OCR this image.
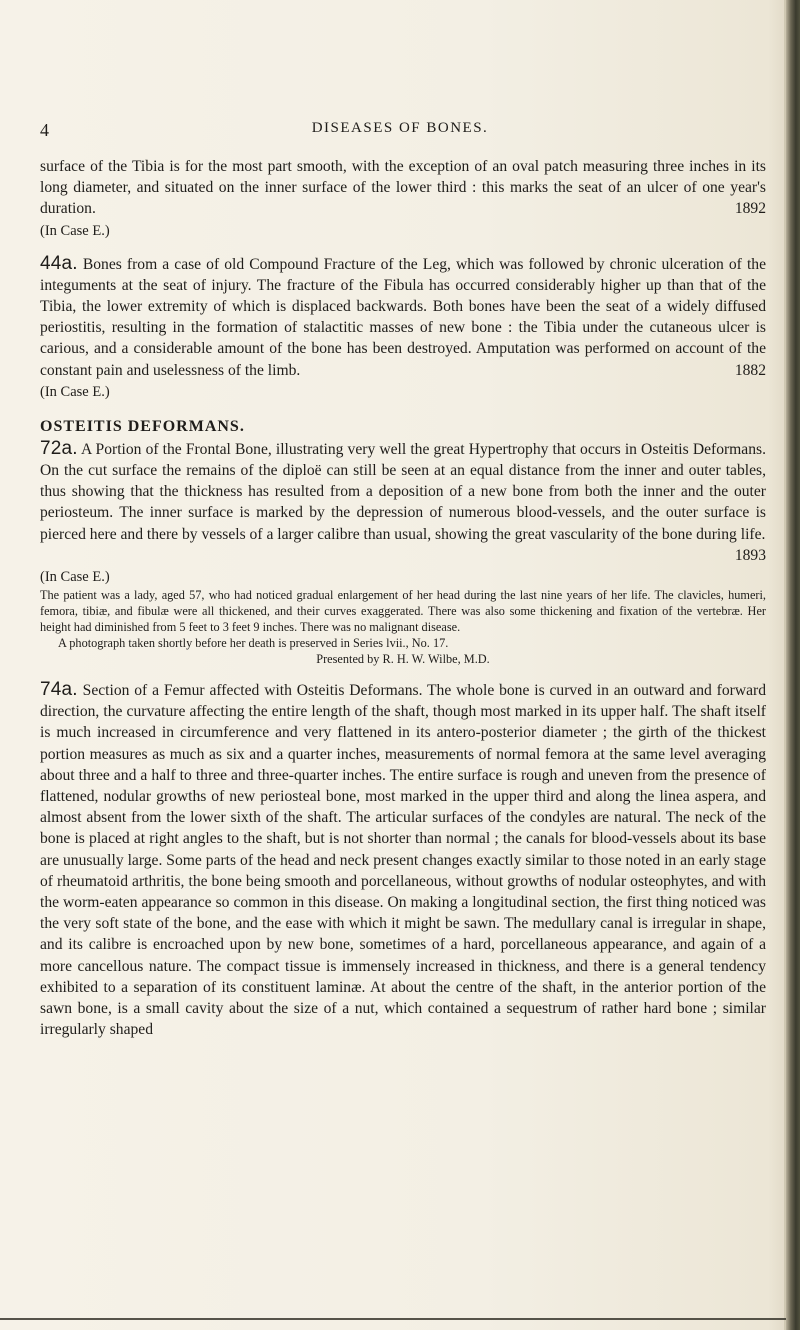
4	DISEASES OF BONES.

surface of the Tibia is for the most part smooth, with the exception of an oval patch measuring three inches in its long diameter, and situated on the inner surface of the lower third : this marks the seat of an ulcer of one year's duration.	1892

(In Case E.)

44a. Bones from a case of old Compound Fracture of the Leg, which was followed by chronic ulceration of the integuments at the seat of injury. The fracture of the Fibula has occurred considerably higher up than that of the Tibia, the lower extremity of which is displaced backwards. Both bones have been the seat of a widely diffused periostitis, resulting in the formation of stalactitic masses of new bone : the Tibia under the cutaneous ulcer is carious, and a considerable amount of the bone has been destroyed. Amputation was performed on account of the constant pain and uselessness of the limb.	1882

(In Case E.)
OSTEITIS DEFORMANS.

72a. A Portion of the Frontal Bone, illustrating very well the great Hypertrophy that occurs in Osteitis Deformans. On the cut surface the remains of the diploë can still be seen at an equal distance from the inner and outer tables, thus showing that the thickness has resulted from a deposition of a new bone from both the inner and the outer periosteum. The inner surface is marked by the depression of numerous blood-vessels, and the outer surface is pierced here and there by vessels of a larger calibre than usual, showing the great vascularity of the bone during life.

1893
(In Case E.)

The patient was a lady, aged 57, who had noticed gradual enlargement of her head during the last nine years of her life. The clavicles, humeri, femora, tibiæ, and fibulæ were all thickened, and their curves exaggerated. There was also some thickening and fixation of the vertebræ. Her height had diminished from 5 feet to 3 feet 9 inches. There was no malignant disease.

A photograph taken shortly before her death is preserved in Series lvii., No. 17.

Presented by R. H. W. Wilbe, M.D.

74a. Section of a Femur affected with Osteitis Deformans. The whole bone is curved in an outward and forward direction, the curvature affecting the entire length of the shaft, though most marked in its upper half. The shaft itself is much increased in circumference and very flattened in its antero-posterior diameter ; the girth of the thickest portion measures as much as six and a quarter inches, measurements of normal femora at the same level averaging about three and a half to three and three-quarter inches. The entire surface is rough and uneven from the presence of flattened, nodular growths of new periosteal bone, most marked in the upper third and along the linea aspera, and almost absent from the lower sixth of the shaft. The articular surfaces of the condyles are natural. The neck of the bone is placed at right angles to the shaft, but is not shorter than normal ; the canals for blood-vessels about its base are unusually large. Some parts of the head and neck present changes exactly similar to those noted in an early stage of rheumatoid arthritis, the bone being smooth and porcellaneous, without growths of nodular osteophytes, and with the worm-eaten appearance so common in this disease. On making a longitudinal section, the first thing noticed was the very soft state of the bone, and the ease with which it might be sawn. The medullary canal is irregular in shape, and its calibre is encroached upon by new bone, sometimes of a hard, porcellaneous appearance, and again of a more cancellous nature. The compact tissue is immensely increased in thickness, and there is a general tendency exhibited to a separation of its constituent laminæ. At about the centre of the shaft, in the anterior portion of the sawn bone, is a small cavity about the size of a nut, which contained a sequestrum of rather hard bone ; similar irregularly shaped
